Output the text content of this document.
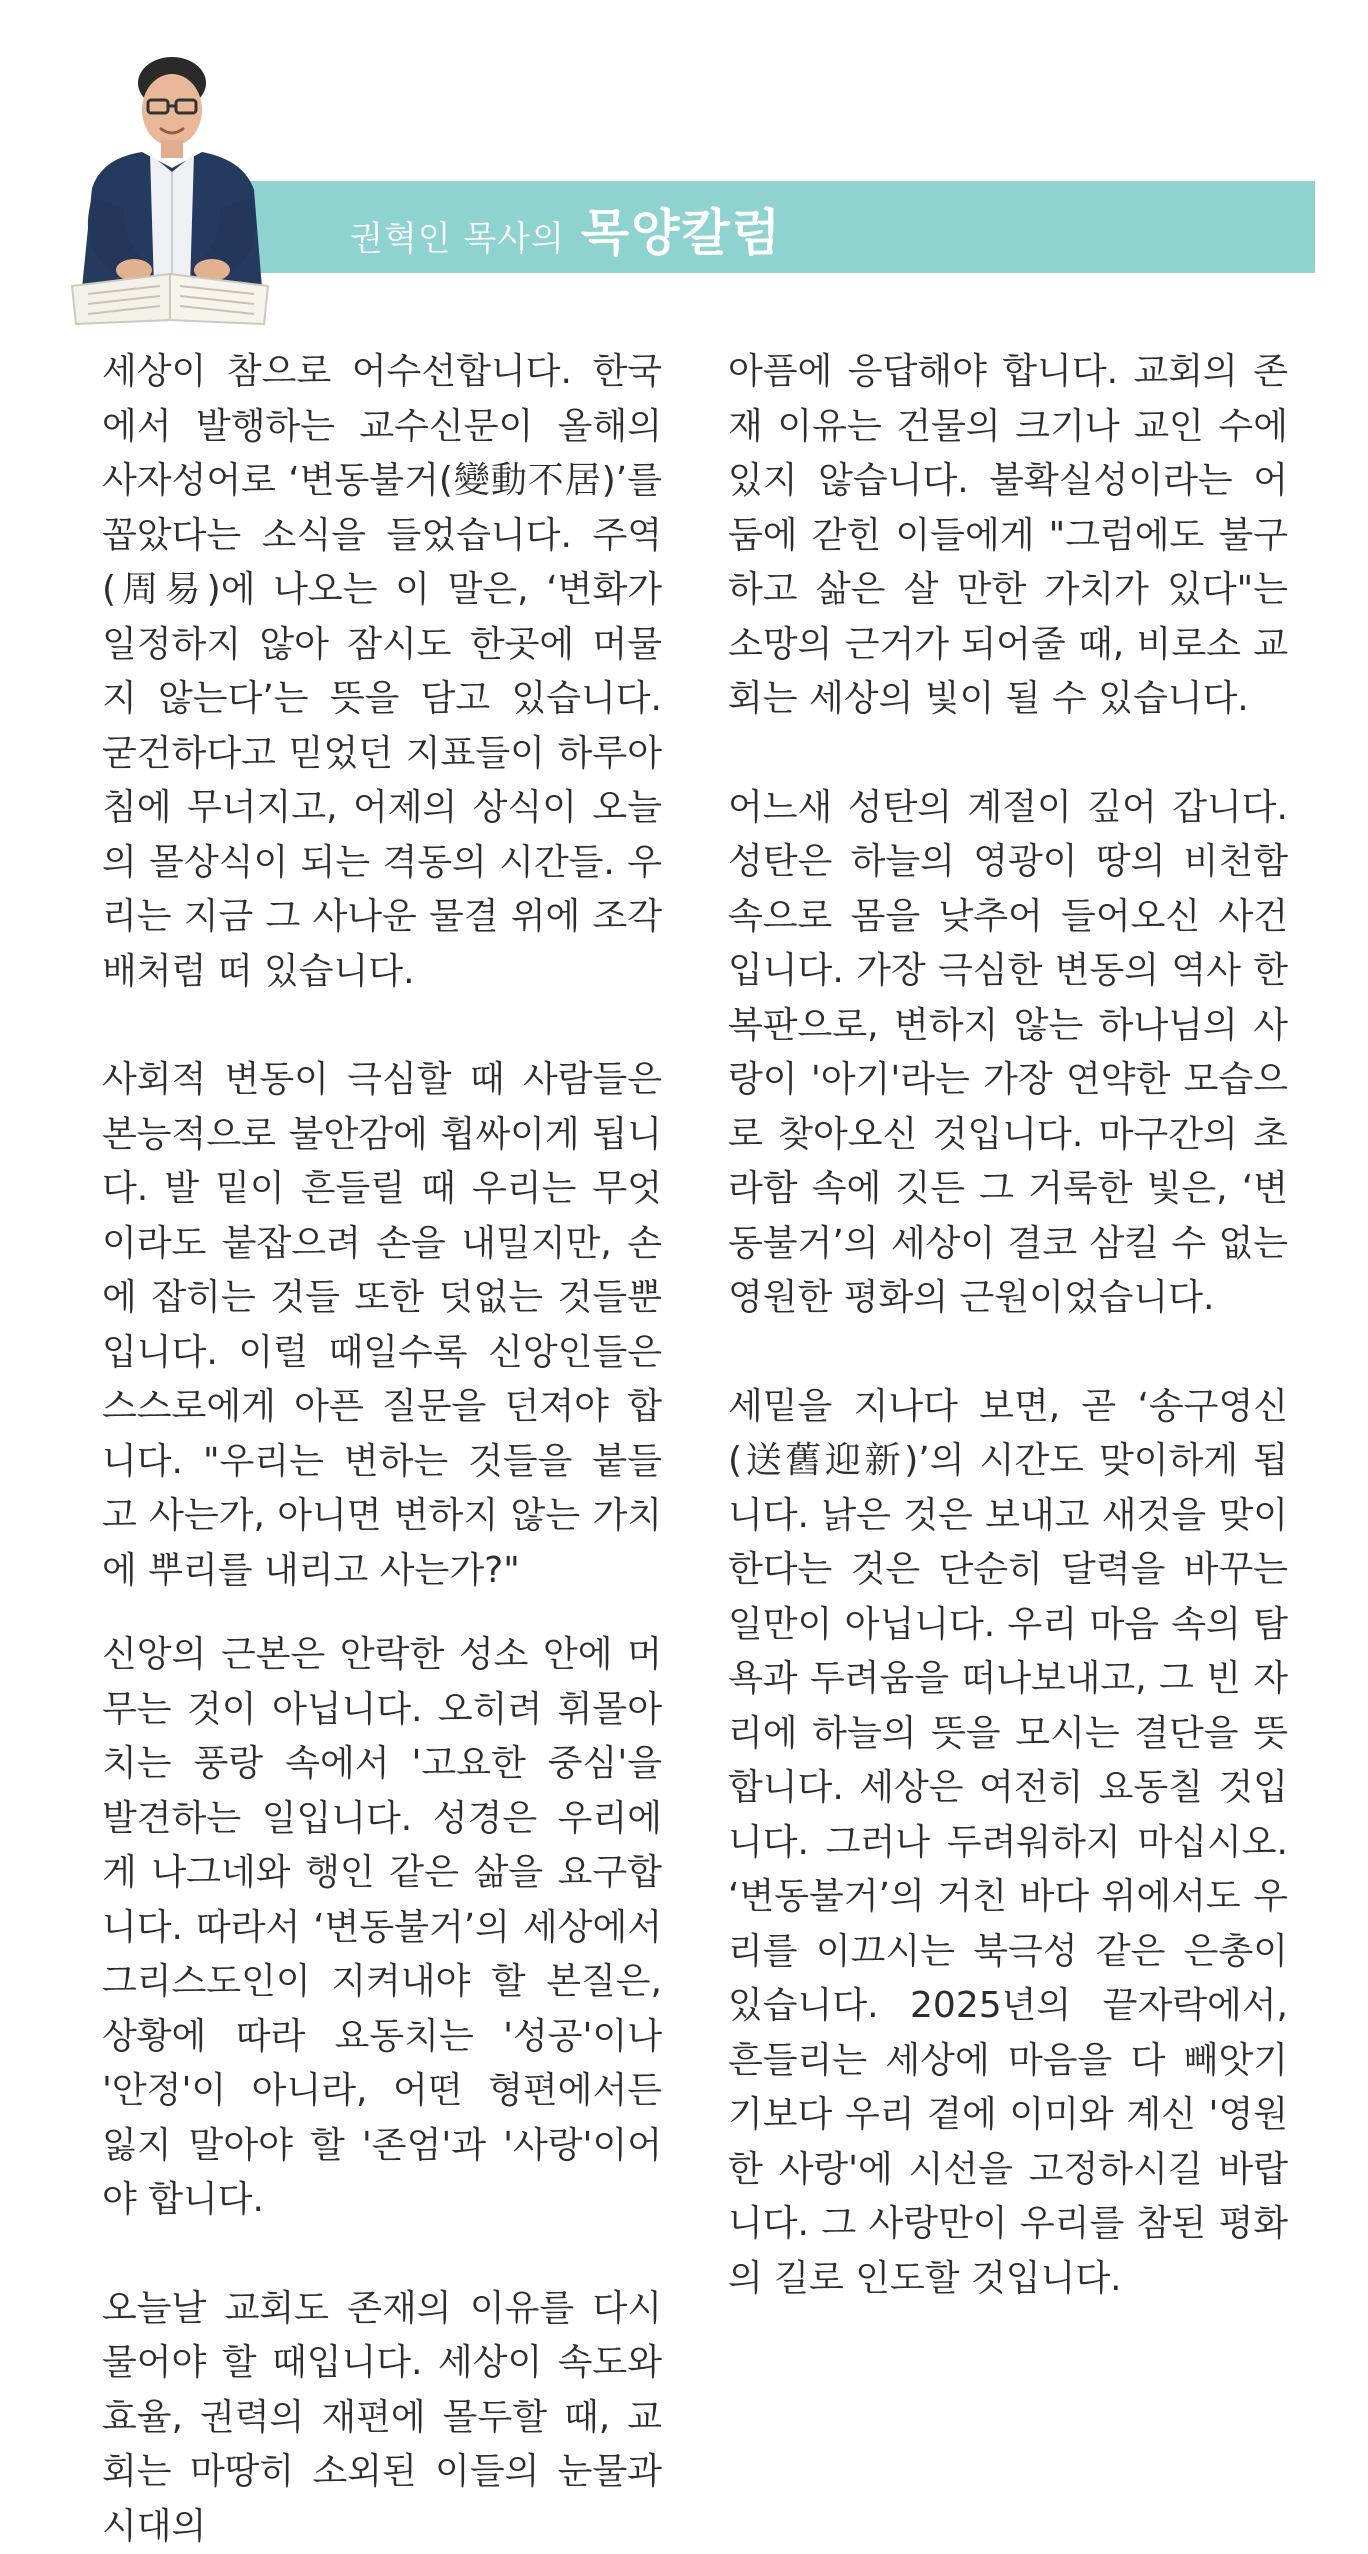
권혁인 목사의 목양칼럼

세상이 참으로 어수선합니다. 한국에서 발행하는 교수신문이 올해의 사자성어로 ‘변동불거(變動不居)’를 꼽았다는 소식을 들었습니다. 주역(周易)에 나오는 이 말은, ‘변화가 일정하지 않아 잠시도 한곳에 머물지 않는다’는 뜻을 담고 있습니다. 굳건하다고 믿었던 지표들이 하루아침에 무너지고, 어제의 상식이 오늘의 몰상식이 되는 격동의 시간들. 우리는 지금 그 사나운 물결 위에 조각배처럼 떠 있습니다.

사회적 변동이 극심할 때 사람들은 본능적으로 불안감에 휩싸이게 됩니다. 발 밑이 흔들릴 때 우리는 무엇이라도 붙잡으려 손을 내밀지만, 손에 잡히는 것들 또한 덧없는 것들뿐입니다. 이럴 때일수록 신앙인들은 스스로에게 아픈 질문을 던져야 합니다. "우리는 변하는 것들을 붙들고 사는가, 아니면 변하지 않는 가치에 뿌리를 내리고 사는가?"

신앙의 근본은 안락한 성소 안에 머무는 것이 아닙니다. 오히려 휘몰아치는 풍랑 속에서 '고요한 중심'을 발견하는 일입니다. 성경은 우리에게 나그네와 행인 같은 삶을 요구합니다. 따라서 ‘변동불거’의 세상에서 그리스도인이 지켜내야 할 본질은, 상황에 따라 요동치는 '성공'이나 '안정'이 아니라, 어떤 형편에서든 잃지 말아야 할 '존엄'과 '사랑'이어야 합니다.

오늘날 교회도 존재의 이유를 다시 물어야 할 때입니다. 세상이 속도와 효율, 권력의 재편에 몰두할 때, 교회는 마땅히 소외된 이들의 눈물과 시대의

아픔에 응답해야 합니다. 교회의 존재 이유는 건물의 크기나 교인 수에 있지 않습니다. 불확실성이라는 어둠에 갇힌 이들에게 "그럼에도 불구하고 삶은 살 만한 가치가 있다"는 소망의 근거가 되어줄 때, 비로소 교회는 세상의 빛이 될 수 있습니다.

어느새 성탄의 계절이 깊어 갑니다. 성탄은 하늘의 영광이 땅의 비천함 속으로 몸을 낮추어 들어오신 사건입니다. 가장 극심한 변동의 역사 한복판으로, 변하지 않는 하나님의 사랑이 '아기'라는 가장 연약한 모습으로 찾아오신 것입니다. 마구간의 초라함 속에 깃든 그 거룩한 빛은, ‘변동불거’의 세상이 결코 삼킬 수 없는 영원한 평화의 근원이었습니다.

세밑을 지나다 보면, 곧 ‘송구영신(送舊迎新)’의 시간도 맞이하게 됩니다. 낡은 것은 보내고 새것을 맞이한다는 것은 단순히 달력을 바꾸는 일만이 아닙니다. 우리 마음 속의 탐욕과 두려움을 떠나보내고, 그 빈 자리에 하늘의 뜻을 모시는 결단을 뜻합니다. 세상은 여전히 요동칠 것입니다. 그러나 두려워하지 마십시오. ‘변동불거’의 거친 바다 위에서도 우리를 이끄시는 북극성 같은 은총이 있습니다. 2025년의 끝자락에서, 흔들리는 세상에 마음을 다 빼앗기기보다 우리 곁에 이미와 계신 '영원한 사랑'에 시선을 고정하시길 바랍니다. 그 사랑만이 우리를 참된 평화의 길로 인도할 것입니다.
